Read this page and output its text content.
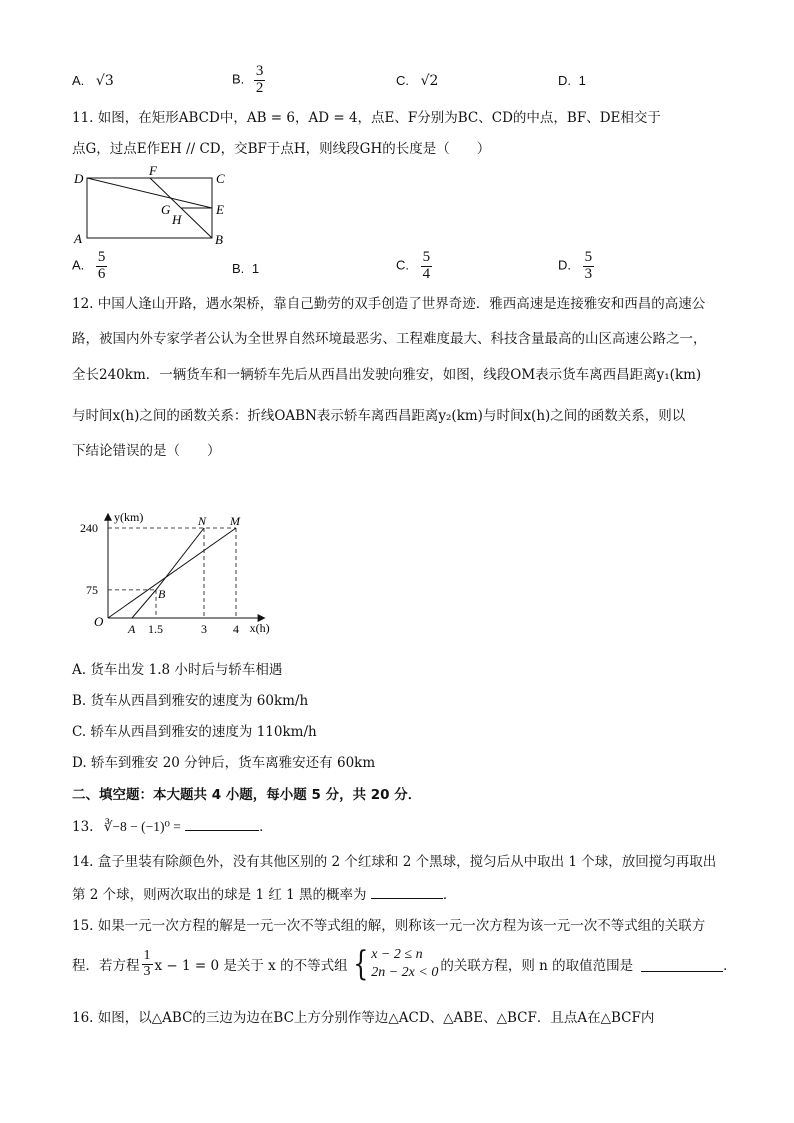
A. √3	B. $\frac{3}{2}$	C. √2	D. 1
11. 如图，在矩形ABCD中，AB = 6，AD = 4，点E、F分别为BC、CD的中点，BF、DE相交于
点G，过点E作EH // CD，交BF于点H，则线段GH的长度是（　　）
D
F
C
G
H
E
A	B
A. $\frac{5}{6}$	B. 1	C. $\frac{5}{4}$	D. $\frac{5}{3}$
12. 中国人逢山开路，遇水架桥，靠自己勤劳的双手创造了世界奇迹．雅西高速是连接雅安和西昌的高速公
路，被国内外专家学者公认为全世界自然环境最恶劣、工程难度最大、科技含量最高的山区高速公路之一，
全长240km．一辆货车和一辆轿车先后从西昌出发驶向雅安，如图，线段OM表示货车离西昌距离y₁(km)
与时间x(h)之间的函数关系：折线OABN表示轿车离西昌距离y₂(km)与时间x(h)之间的函数关系，则以
下结论错误的是（　　）
y(km)
x(h)
O
75
240
A 1.5	3 4
N M
B
A. 货车出发 1.8 小时后与轿车相遇
B. 货车从西昌到雅安的速度为 60km/h
C. 轿车从西昌到雅安的速度为 110km/h
D. 轿车到雅安 20 分钟后，货车离雅安还有 60km
二、填空题：本大题共 4 小题，每小题 5 分，共 20 分．
13. ∛−8 − (−1)⁰ =	．
14. 盒子里装有除颜色外，没有其他区别的 2 个红球和 2 个黑球，搅匀后从中取出 1 个球，放回搅匀再取出
第 2 个球，则两次取出的球是 1 红 1 黑的概率为	．
15. 如果一元一次方程的解是一元一次不等式组的解，则称该一元一次方程为该一元一次不等式组的关联方
程．若方程 $\frac{1}{3}$ x − 1 = 0 是关于 x 的不等式组 { x − 2 ≤ n
2n − 2x < 0 的关联方程，则 n 的取值范围是	．
16. 如图，以△ABC的三边为边在BC上方分别作等边△ACD、△ABE、△BCF．且点A在△BCF内
